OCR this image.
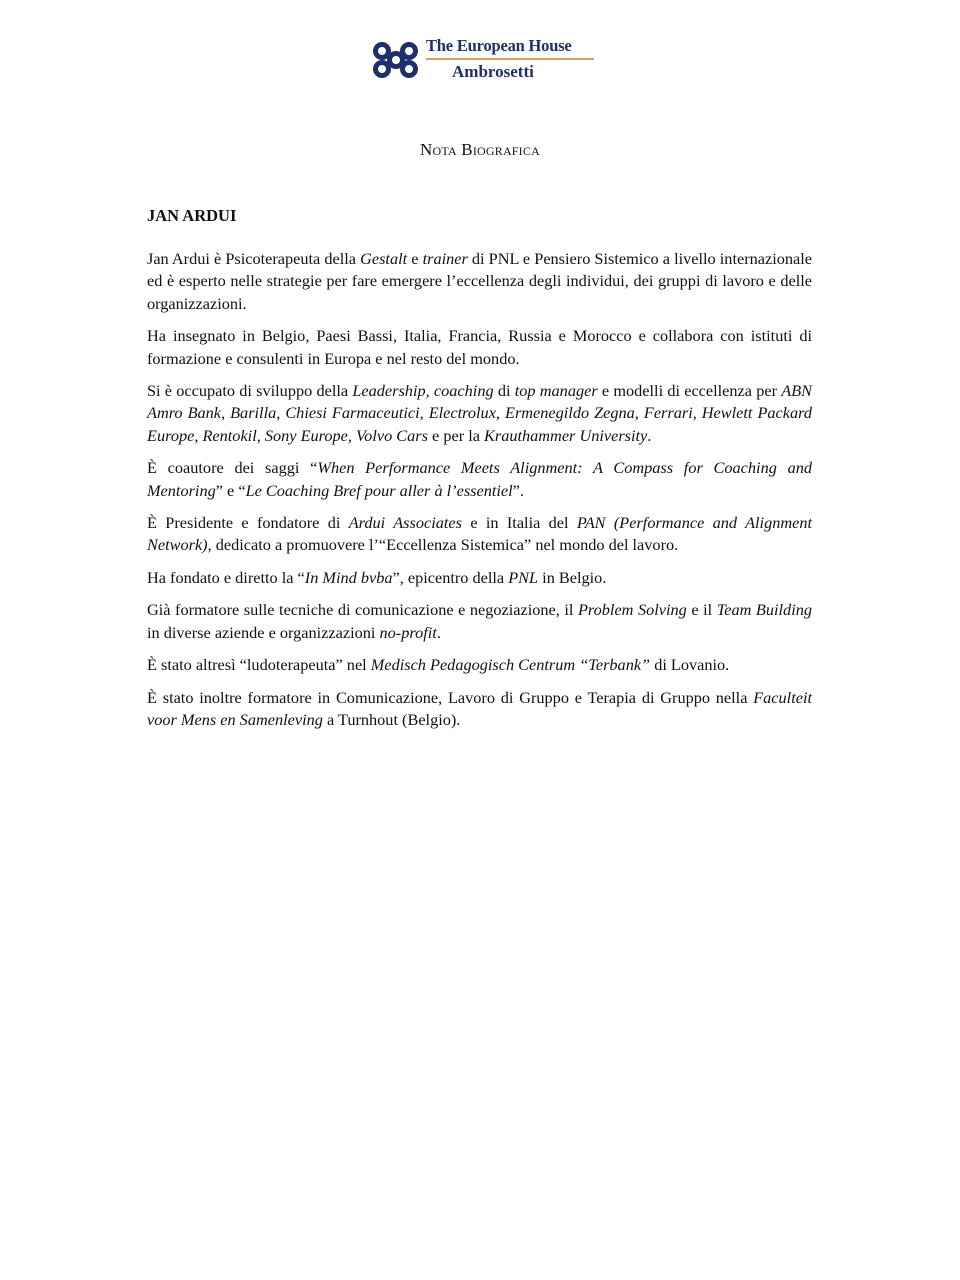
The European House
Ambrosetti
Nota Biografica
JAN ARDUI

Jan Ardui è Psicoterapeuta della Gestalt e trainer di PNL e Pensiero Sistemico a livello internazionale ed è esperto nelle strategie per fare emergere l’eccellenza degli individui, dei gruppi di lavoro e delle organizzazioni.

Ha insegnato in Belgio, Paesi Bassi, Italia, Francia, Russia e Morocco e collabora con istituti di formazione e consulenti in Europa e nel resto del mondo.

Si è occupato di sviluppo della Leadership, coaching di top manager e modelli di eccellenza per ABN Amro Bank, Barilla, Chiesi Farmaceutici, Electrolux, Ermenegildo Zegna, Ferrari, Hewlett Packard Europe, Rentokil, Sony Europe, Volvo Cars e per la Krauthammer University.

È coautore dei saggi “When Performance Meets Alignment: A Compass for Coaching and Mentoring” e “Le Coaching Bref pour aller à l’essentiel”.

È Presidente e fondatore di Ardui Associates e in Italia del PAN (Performance and Alignment Network), dedicato a promuovere l’“Eccellenza Sistemica” nel mondo del lavoro.

Ha fondato e diretto la “In Mind bvba”, epicentro della PNL in Belgio.

Già formatore sulle tecniche di comunicazione e negoziazione, il Problem Solving e il Team Building in diverse aziende e organizzazioni no-profit.

È stato altresì “ludoterapeuta” nel Medisch Pedagogisch Centrum “Terbank” di Lovanio.

È stato inoltre formatore in Comunicazione, Lavoro di Gruppo e Terapia di Gruppo nella Faculteit voor Mens en Samenleving a Turnhout (Belgio).
